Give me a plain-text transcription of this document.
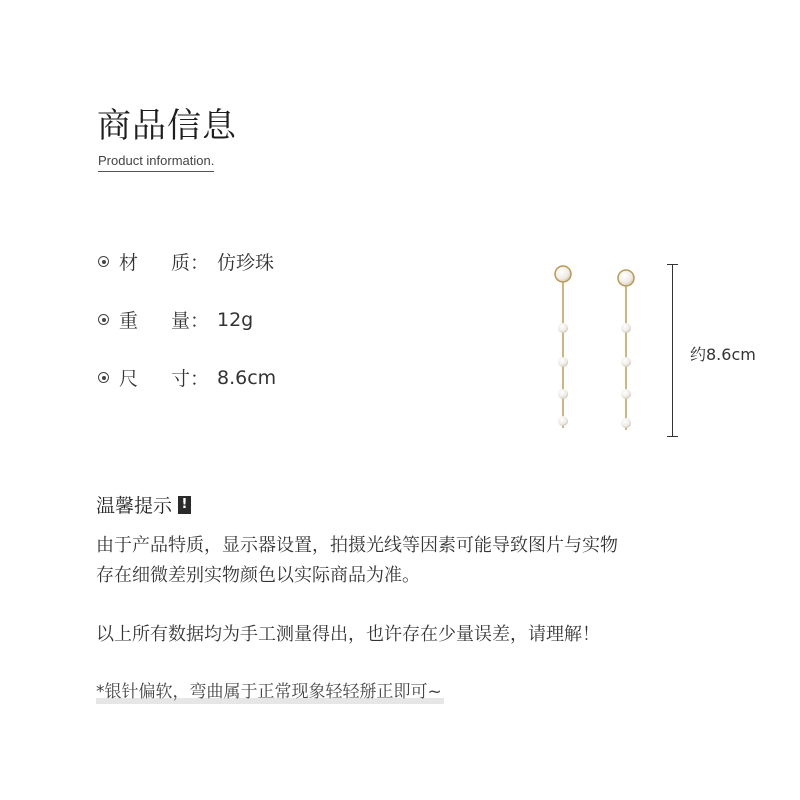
商品信息
Product information.
材 质： 仿珍珠
重 量： 12g
尺 寸： 8.6cm
约8.6cm
温馨提示 !
由于产品特质，显示器设置，拍摄光线等因素可能导致图片与实物
存在细微差别实物颜色以实际商品为准。
以上所有数据均为手工测量得出，也许存在少量误差，请理解！
*银针偏软，弯曲属于正常现象轻轻掰正即可~
